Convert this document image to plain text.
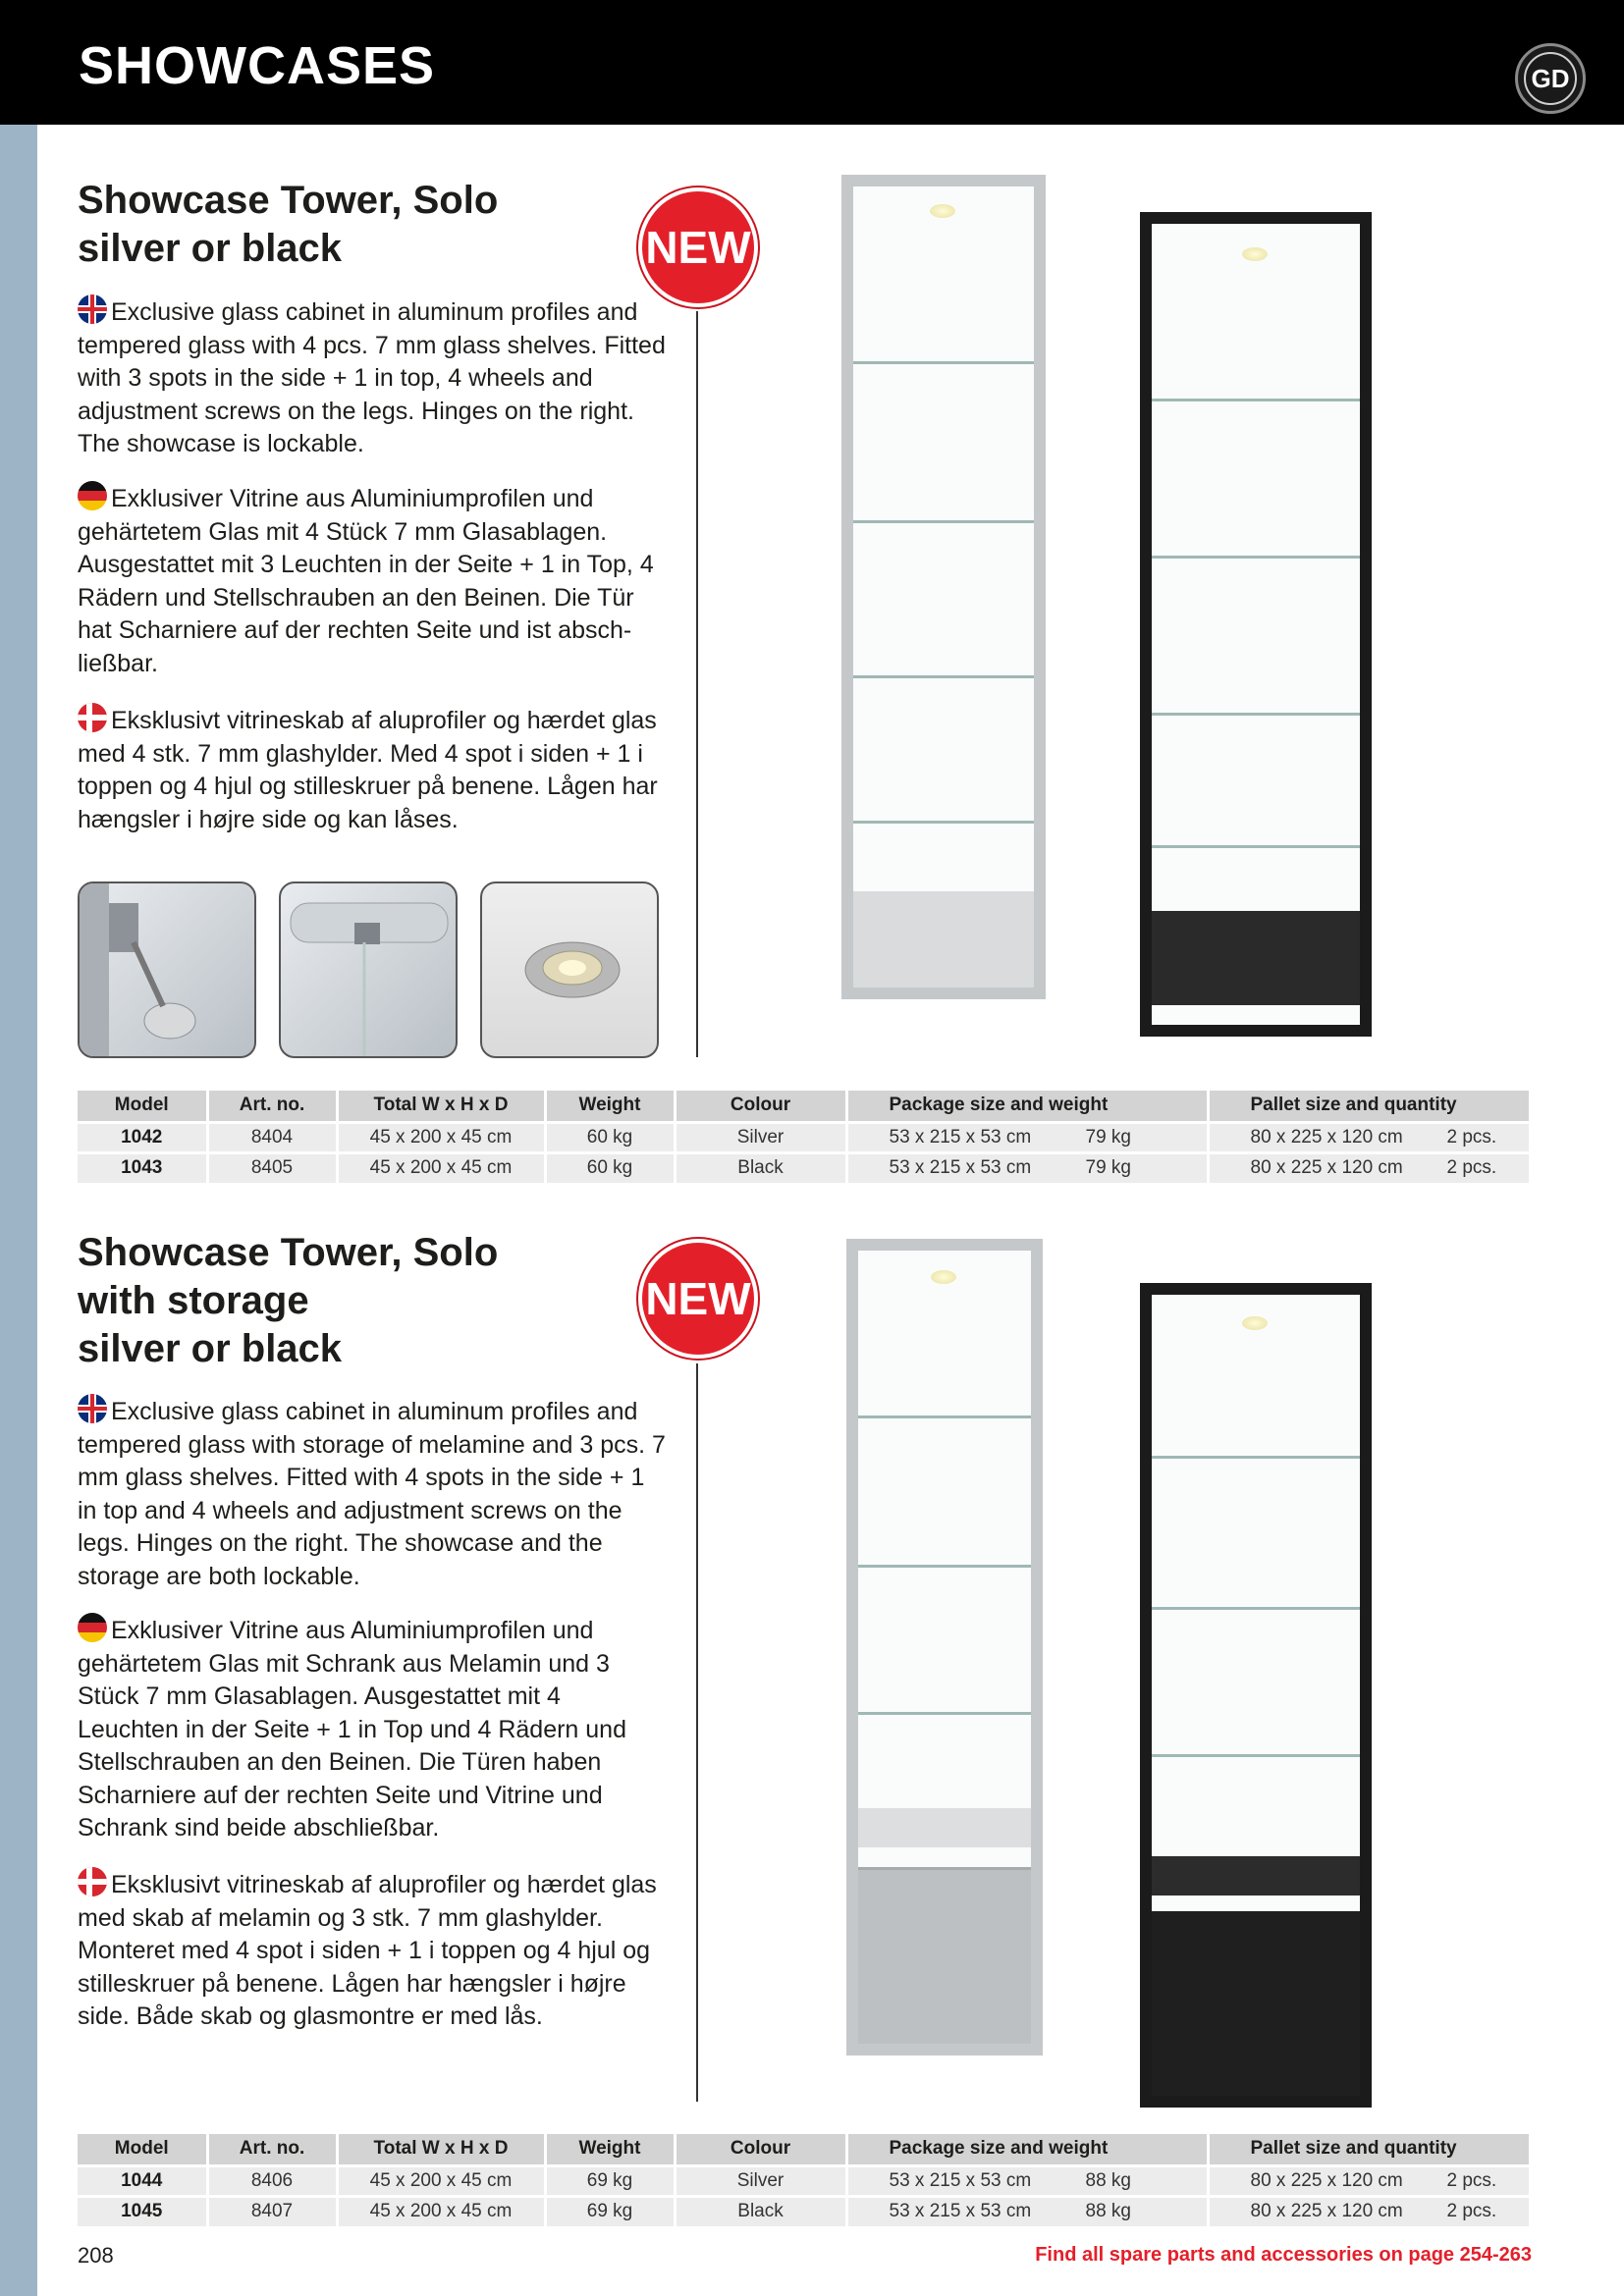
SHOWCASES	GD
Showcase Tower, Solo
silver or black	NEW
Exclusive glass cabinet in aluminum profiles and tempered glass with 4 pcs. 7 mm glass shelves. Fitted with 3 spots in the side + 1 in top, 4 wheels and adjustment screws on the legs. Hinges on the right. The showcase is lockable.
Exklusiver Vitrine aus Aluminiumprofilen und gehärtetem Glas mit 4 Stück 7 mm Glasablagen. Ausgestattet mit 3 Leuchten in der Seite + 1 in Top, 4 Rädern und Stellschrauben an den Beinen. Die Tür hat Scharniere auf der rechten Seite und ist absch-ließbar.
Eksklusivt vitrineskab af aluprofiler og hærdet glas med 4 stk. 7 mm glashylder. Med 4 spot i siden + 1 i toppen og 4 hjul og stilleskruer på benene. Lågen har hængsler i højre side og kan låses.
Model	Art. no.	Total W x H x D	Weight	Colour	Package size and weight	Pallet size and quantity
1042	8404	45 x 200 x 45 cm	60 kg	Silver	53 x 215 x 53 cm 79 kg	80 x 225 x 120 cm 2 pcs.
1043	8405	45 x 200 x 45 cm	60 kg	Black	53 x 215 x 53 cm 79 kg	80 x 225 x 120 cm 2 pcs.
Showcase Tower, Solo
with storage
silver or black
NEW
Exclusive glass cabinet in aluminum profiles and tempered glass with storage of melamine and 3 pcs. 7 mm glass shelves. Fitted with 4 spots in the side + 1 in top and 4 wheels and adjustment screws on the legs. Hinges on the right. The showcase and the storage are both lockable.
Exklusiver Vitrine aus Aluminiumprofilen und gehärtetem Glas mit Schrank aus Melamin und 3 Stück 7 mm Glasablagen. Ausgestattet mit 4 Leuchten in der Seite + 1 in Top und 4 Rädern und Stellschrauben an den Beinen. Die Türen haben Scharniere auf der rechten Seite und Vitrine und Schrank sind beide abschließbar.
Eksklusivt vitrineskab af aluprofiler og hærdet glas med skab af melamin og 3 stk. 7 mm glashylder. Monteret med 4 spot i siden + 1 i toppen og 4 hjul og stilleskruer på benene. Lågen har hængsler i højre side. Både skab og glasmontre er med lås.
Model	Art. no.	Total W x H x D	Weight	Colour	Package size and weight	Pallet size and quantity
1044	8406	45 x 200 x 45 cm	69 kg	Silver	53 x 215 x 53 cm 88 kg	80 x 225 x 120 cm 2 pcs.
1045	8407	45 x 200 x 45 cm	69 kg	Black	53 x 215 x 53 cm 88 kg	80 x 225 x 120 cm 2 pcs.
208	Find all spare parts and accessories on page 254-263
